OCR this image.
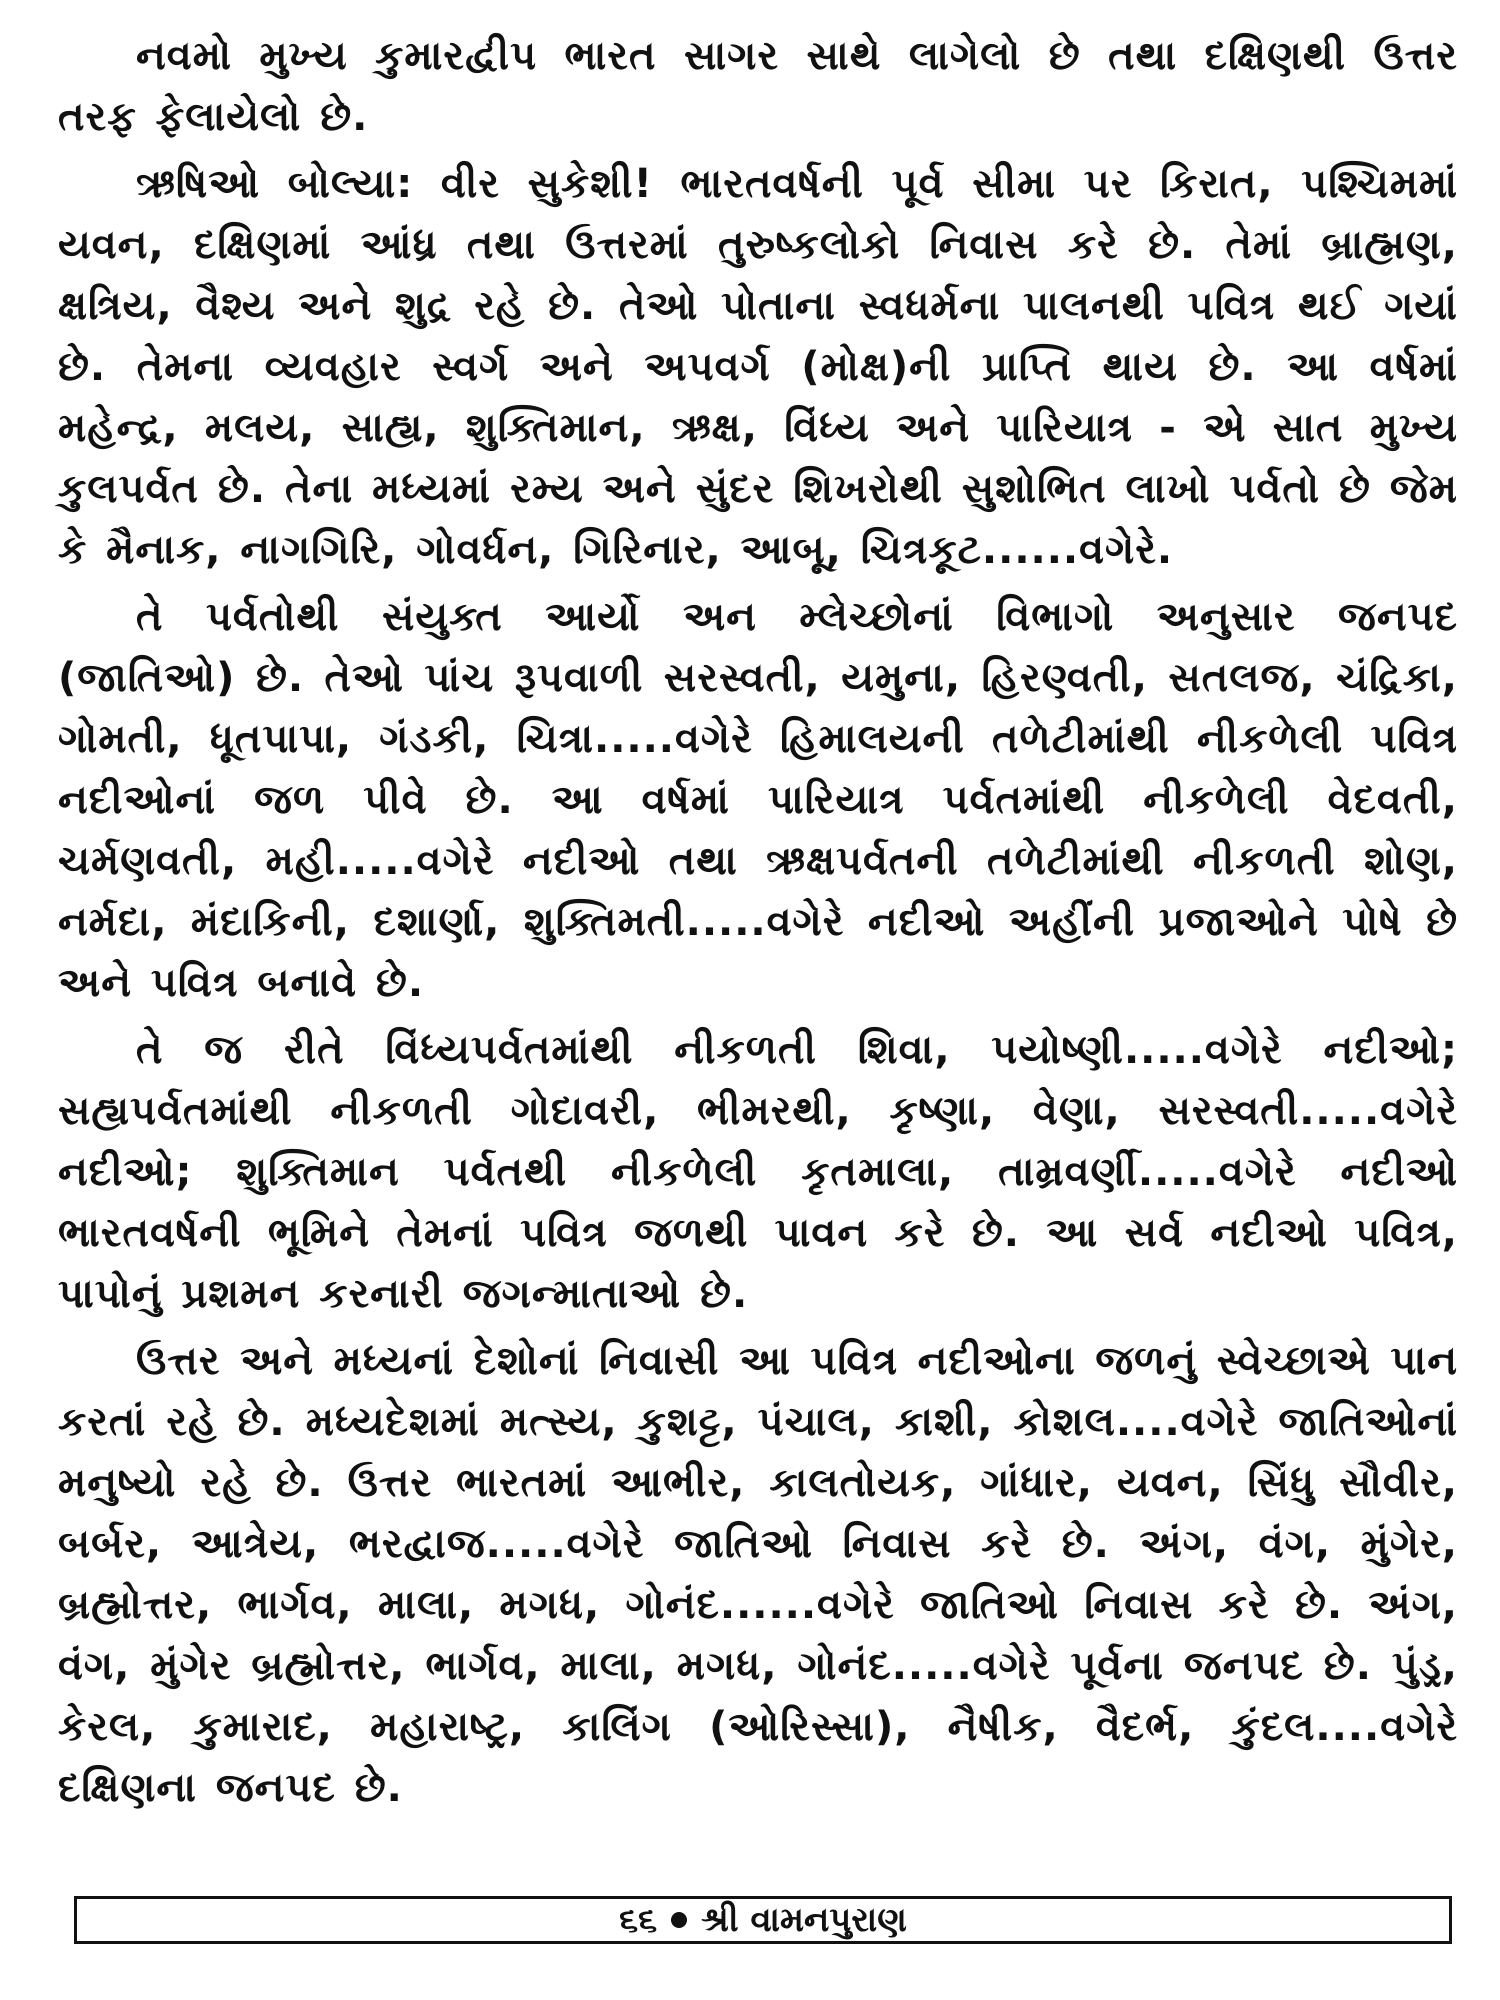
નવમો મુખ્ય કુમારદ્વીપ ભારત સાગર સાથે લાગેલો છે તથા દક્ષિણથી ઉત્તર તરફ ફેલાયેલો છે.

ઋષિઓ બોલ્યા: વીર સુકેશી! ભારતવર્ષની પૂર્વ સીમા પર કિરાત, પશ્ચિમમાં યવન, દક્ષિણમાં આંધ્ર તથા ઉત્તરમાં તુરુષ્કલોકો નિવાસ કરે છે. તેમાં બ્રાહ્મણ, ક્ષત્રિય, વૈશ્ય અને શુદ્ર રહે છે. તેઓ પોતાના સ્વધર્મના પાલનથી પવિત્ર થઈ ગયાં છે. તેમના વ્યવહાર સ્વર્ગ અને અપવર્ગ (મોક્ષ)ની પ્રાપ્તિ થાય છે. આ વર્ષમાં મહેન્દ્ર, મલય, સાહ્ય, શુક્તિમાન, ઋક્ષ, વિંધ્ય અને પારિયાત્ર - એ સાત મુખ્ય કુલપર્વત છે. તેના મધ્યમાં રમ્ય અને સુંદર શિખરોથી સુશોભિત લાખો પર્વતો છે જેમ કે મૈનાક, નાગગિરિ, ગોવર્ધન, ગિરિનાર, આબૂ, ચિત્રકૂટ......વગેરે.

તે પર્વતોથી સંયુક્ત આર્યો અન મ્લેચ્છોનાં વિભાગો અનુસાર જનપદ (જાતિઓ) છે. તેઓ પાંચ રૂપવાળી સરસ્વતી, યમુના, હિરણ્વતી, સતલજ, ચંદ્રિકા, ગોમતી, ધૂતપાપા, ગંડકી, ચિત્રા.....વગેરે હિમાલયની તળેટીમાંથી નીકળેલી પવિત્ર નદીઓનાં જળ પીવે છે. આ વર્ષમાં પારિયાત્ર પર્વતમાંથી નીકળેલી વેદવતી, ચર્મણવતી, મહી.....વગેરે નદીઓ તથા ઋક્ષપર્વતની તળેટીમાંથી નીકળતી શોણ, નર્મદા, મંદાકિની, દશાર્ણા, શુક્તિમતી.....વગેરે નદીઓ અહીંની પ્રજાઓને પોષે છે અને પવિત્ર બનાવે છે.

તે જ રીતે વિંધ્યપર્વતમાંથી નીકળતી શિવા, પયોષ્ણી.....વગેરે નદીઓ; સહ્યપર્વતમાંથી નીકળતી ગોદાવરી, ભીમરથી, કૃષ્ણા, વેણા, સરસ્વતી.....વગેરે નદીઓ; શુક્તિમાન પર્વતથી નીકળેલી કૃતમાલા, તામ્રવર્ણી.....વગેરે નદીઓ ભારતવર્ષની ભૂમિને તેમનાં પવિત્ર જળથી પાવન કરે છે. આ સર્વ નદીઓ પવિત્ર, પાપોનું પ્રશમન કરનારી જગન્માતાઓ છે.

ઉત્તર અને મધ્યનાં દેશોનાં નિવાસી આ પવિત્ર નદીઓના જળનું સ્વેચ્છાએ પાન કરતાં રહે છે. મધ્યદેશમાં મત્સ્ય, કુશટ્ટ, પંચાલ, કાશી, કોશલ....વગેરે જાતિઓનાં મનુષ્યો રહે છે. ઉત્તર ભારતમાં આભીર, કાલતોયક, ગાંધાર, યવન, સિંધુ સૌવીર, બર્બર, આત્રેય, ભરદ્વાજ.....વગેરે જાતિઓ નિવાસ કરે છે. અંગ, વંગ, મુંગેર, બ્રહ્મોત્તર, ભાર્ગવ, માલા, મગધ, ગોનંદ......વગેરે જાતિઓ નિવાસ કરે છે. અંગ, વંગ, મુંગેર બ્રહ્મોત્તર, ભાર્ગવ, માલા, મગધ, ગોનંદ.....વગેરે પૂર્વના જનપદ છે. પુંડ્ર, કેરલ, કુમારાદ, મહારાષ્ટ્ર, કાલિંગ (ઓરિસ્સા), નૈષીક, વૈદર્ભ, કુંદલ....વગેરે દક્ષિણના જનપદ છે.

૬૬ શ્રી વામનપુરાણ
